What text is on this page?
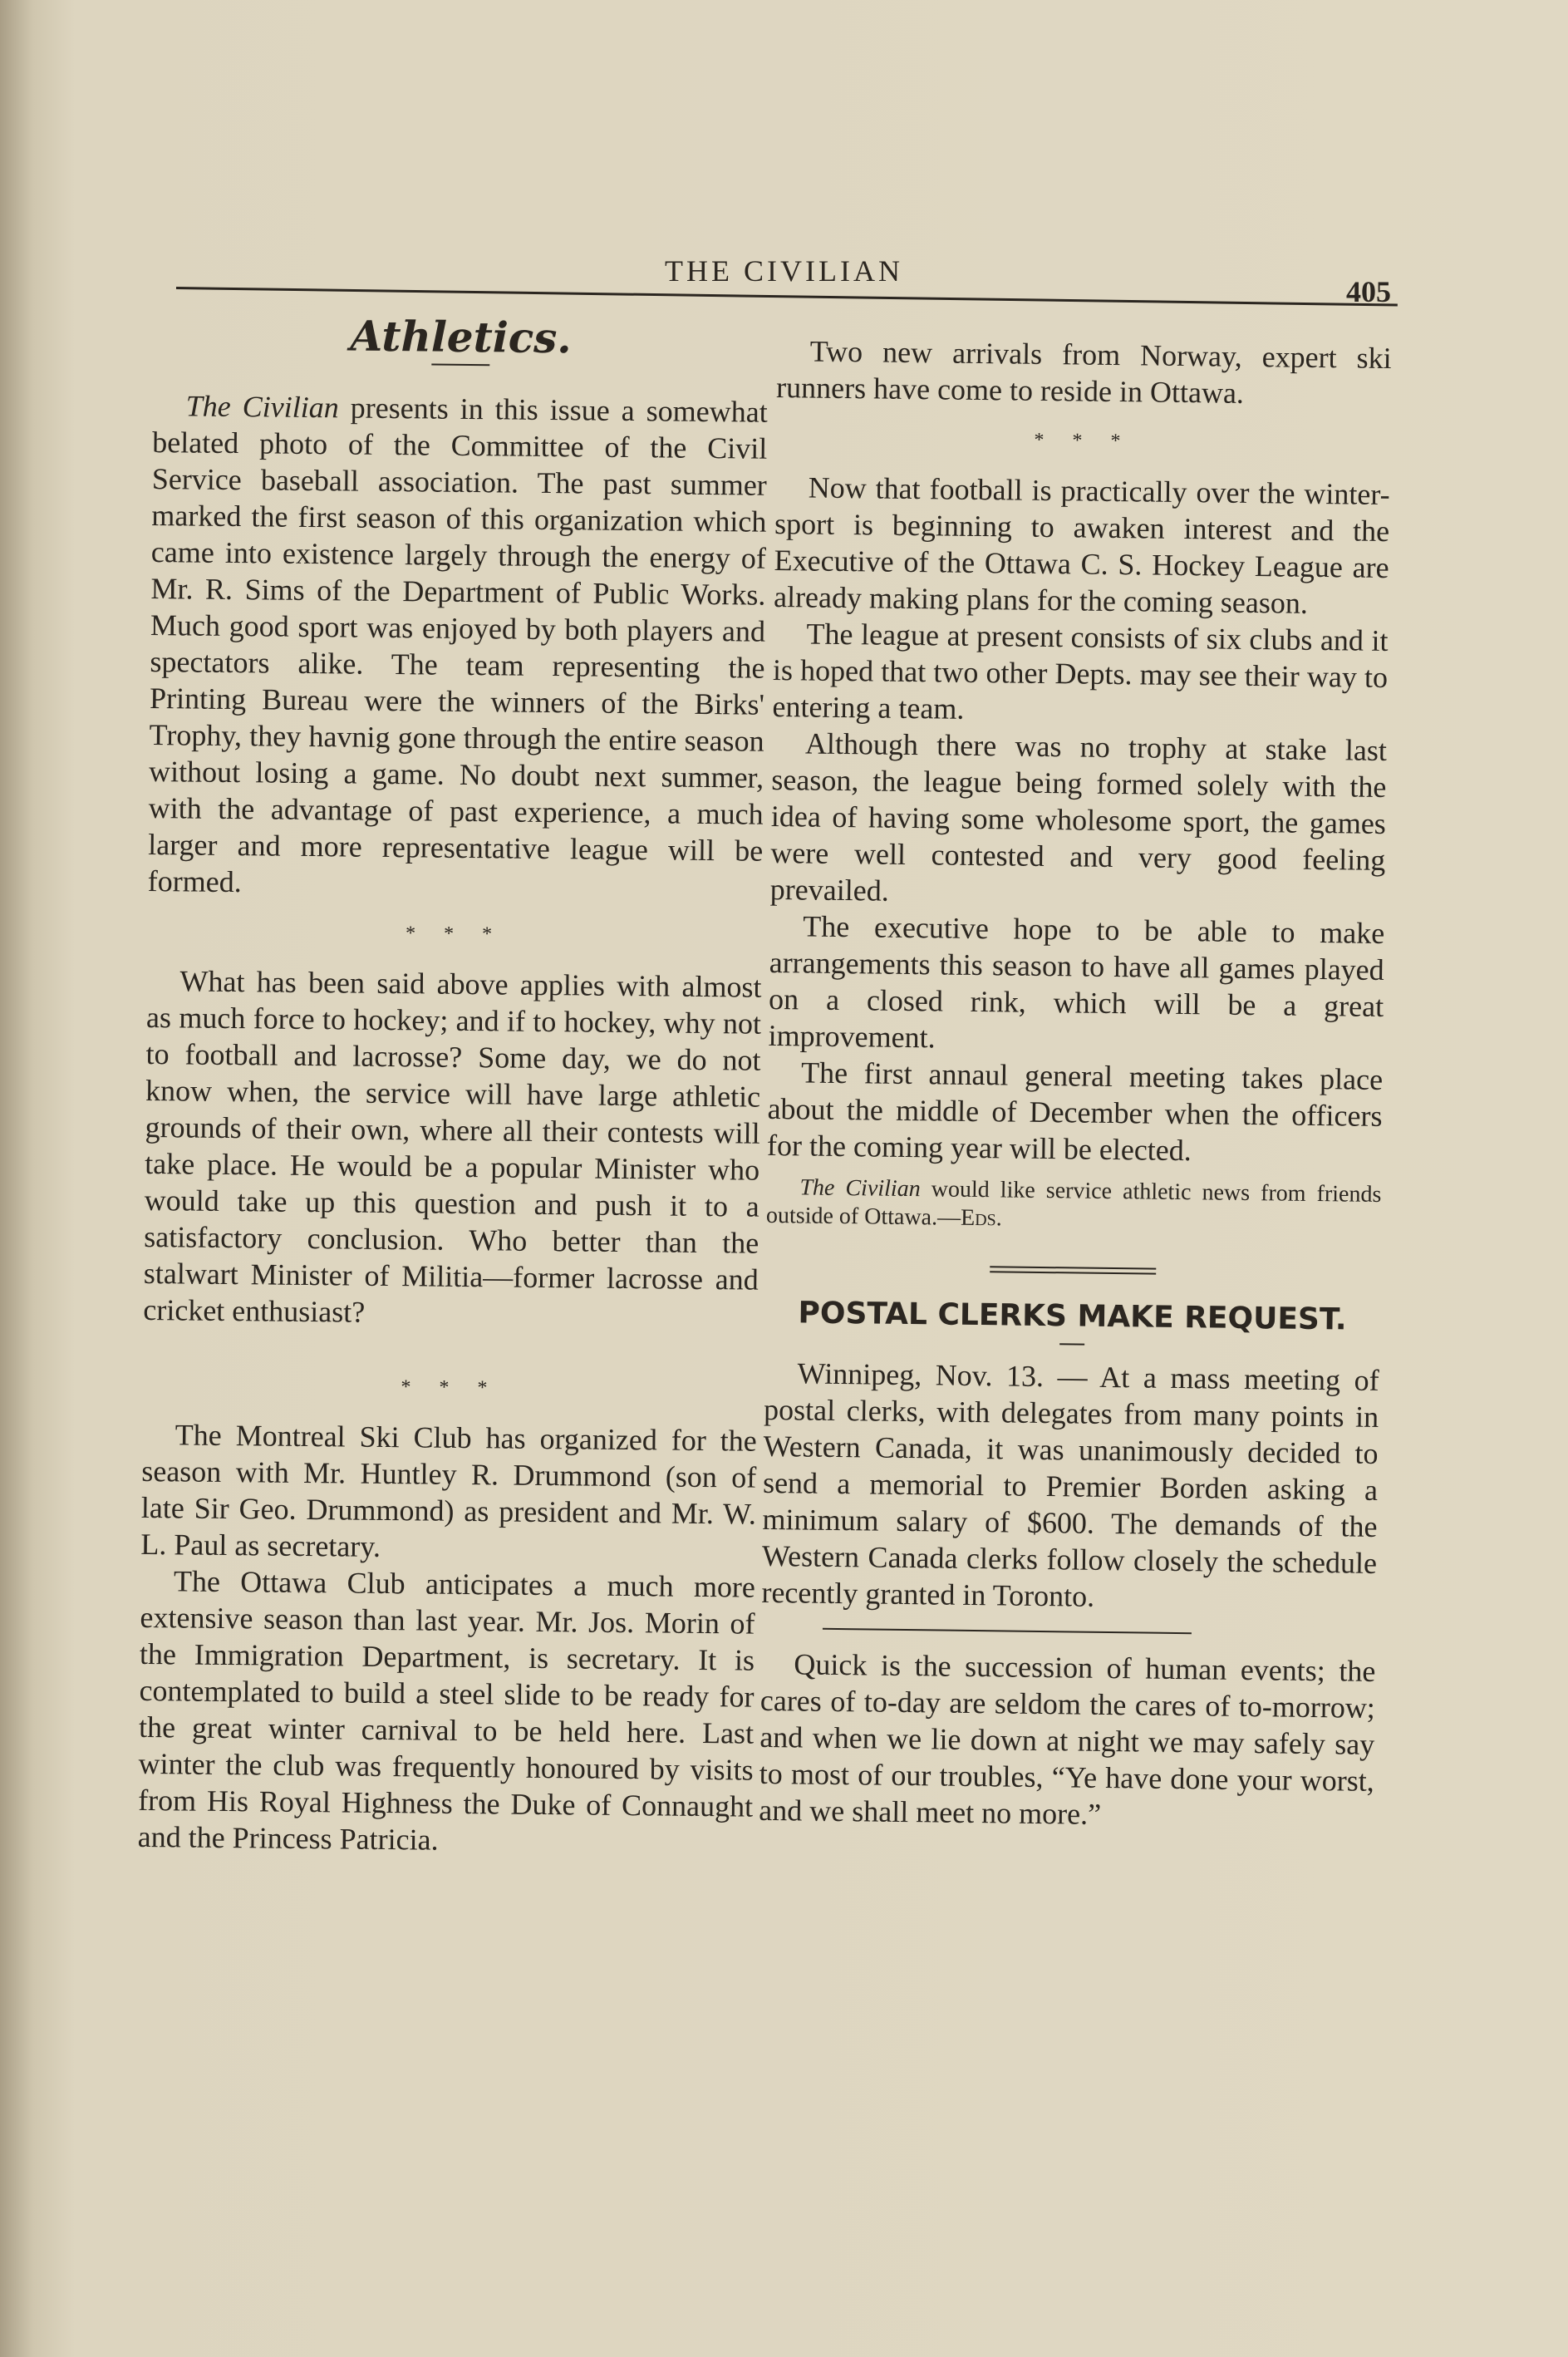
THE CIVILIAN
405
Athletics.

The Civilian presents in this issue a somewhat belated photo of the Committee of the Civil Service baseball association. The past summer marked the first season of this organization which came into existence largely through the energy of Mr. R. Sims of the Department of Public Works. Much good sport was enjoyed by both players and spectators alike. The team representing the Printing Bureau were the winners of the Birks' Trophy, they havnig gone through the entire season without losing a game. No doubt next summer, with the advantage of past experience, a much larger and more representative league will be formed.

* * *

What has been said above applies with almost as much force to hockey; and if to hockey, why not to football and lacrosse? Some day, we do not know when, the service will have large athletic grounds of their own, where all their contests will take place. He would be a popular Minister who would take up this question and push it to a satisfactory conclusion. Who better than the stalwart Minister of Militia—former lacrosse and cricket enthusiast?

* * *

The Montreal Ski Club has organized for the season with Mr. Huntley R. Drummond (son of late Sir Geo. Drummond) as president and Mr. W. L. Paul as secretary.

The Ottawa Club anticipates a much more extensive season than last year. Mr. Jos. Morin of the Immigration Department, is secretary. It is contemplated to build a steel slide to be ready for the great winter carnival to be held here. Last winter the club was frequently honoured by visits from His Royal Highness the Duke of Connaught and the Princess Patricia.

Two new arrivals from Norway, expert ski runners have come to reside in Ottawa.

* * *

Now that football is practically over the winter-sport is beginning to awaken interest and the Executive of the Ottawa C. S. Hockey League are already making plans for the coming season.

The league at present consists of six clubs and it is hoped that two other Depts. may see their way to entering a team.

Although there was no trophy at stake last season, the league being formed solely with the idea of having some wholesome sport, the games were well contested and very good feeling prevailed.

The executive hope to be able to make arrangements this season to have all games played on a closed rink, which will be a great improvement.

The first annaul general meeting takes place about the middle of December when the officers for the coming year will be elected.

The Civilian would like service athletic news from friends outside of Ottawa.—Eds.

POSTAL CLERKS MAKE REQUEST.

Winnipeg, Nov. 13. — At a mass meeting of postal clerks, with delegates from many points in Western Canada, it was unanimously decided to send a memorial to Premier Borden asking a minimum salary of $600. The demands of the Western Canada clerks follow closely the schedule recently granted in Toronto.

Quick is the succession of human events; the cares of to-day are seldom the cares of to-morrow; and when we lie down at night we may safely say to most of our troubles, “Ye have done your worst, and we shall meet no more.”
